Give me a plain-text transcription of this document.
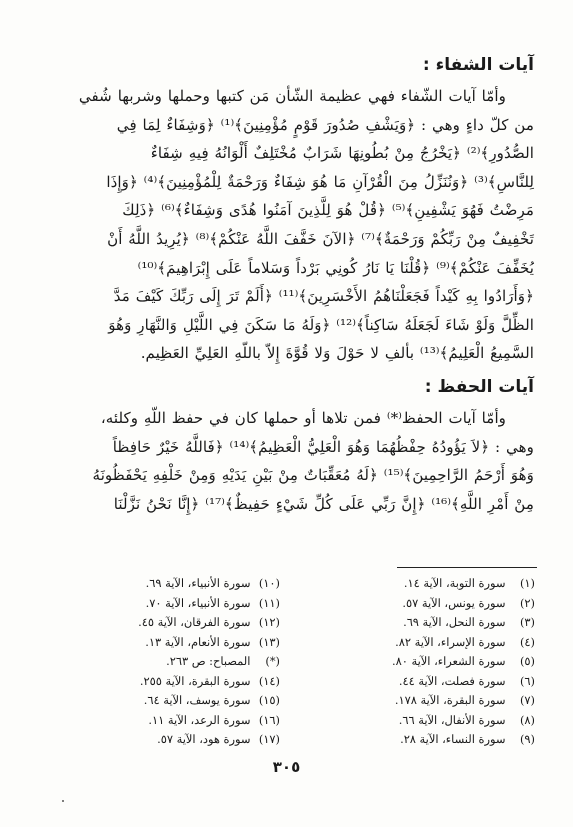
آيات الشفاء :
وأمّا آيات الشّفاء فهي عظيمة الشّأن مَن كتبها وحملها وشربها شُفي
من كلّ داءٍ وهي : ﴿وَيَشْفِ صُدُورَ قَوْمٍ مُؤْمِنِينَ﴾⁽¹⁾ ﴿وَشِفَاءٌ لِمَا فِي
الصُّدُورِ﴾⁽²⁾ ﴿يَخْرُجُ مِنْ بُطُونِهَا شَرَابٌ مُخْتَلِفٌ أَلْوَانُهُ فِيهِ شِفَاءٌ
لِلنَّاسِ﴾⁽³⁾ ﴿وَنُنَزِّلُ مِنَ الْقُرْآنِ مَا هُوَ شِفَاءٌ وَرَحْمَةٌ لِلْمُؤْمِنِينَ﴾⁽⁴⁾ ﴿وَإِذَا
مَرِضْتُ فَهُوَ يَشْفِينِ﴾⁽⁵⁾ ﴿قُلْ هُوَ لِلَّذِينَ آمَنُوا هُدًى وَشِفَاءٌ﴾⁽⁶⁾ ﴿ذَلِكَ
تَخْفِيفٌ مِنْ رَبِّكُمْ وَرَحْمَةٌ﴾⁽⁷⁾ ﴿الآنَ خَفَّفَ اللَّهُ عَنْكُمْ﴾⁽⁸⁾ ﴿يُرِيدُ اللَّهُ أَنْ
يُخَفِّفَ عَنْكُمْ﴾⁽⁹⁾ ﴿قُلْنَا يَا نَارُ كُونِي بَرْداً وَسَلاماً عَلَى إِبْرَاهِيمَ﴾⁽¹⁰⁾
﴿وَأَرَادُوا بِهِ كَيْداً فَجَعَلْنَاهُمُ الأَخْسَرِينَ﴾⁽¹¹⁾ ﴿أَلَمْ تَرَ إِلَى رَبِّكَ كَيْفَ مَدَّ
الظِّلَّ وَلَوْ شَاءَ لَجَعَلَهُ سَاكِناً﴾⁽¹²⁾ ﴿وَلَهُ مَا سَكَنَ فِي اللَّيْلِ وَالنَّهَارِ وَهُوَ
السَّمِيعُ الْعَلِيمُ﴾⁽¹³⁾ بألفِ لا حَوْلَ وَلا قُوَّةَ إِلاّ باللّهِ العَلِيِّ العَظِيم.
آيات الحفظ :
وأمّا آيات الحفظ⁽*⁾ فمن تلاها أو حملها كان في حفظ اللّهِ وكلئه،
وهي : ﴿لاَ يَؤُودُهُ حِفْظُهُمَا وَهُوَ الْعَلِيُّ الْعَظِيمُ﴾⁽¹⁴⁾ ﴿فَاللَّهُ خَيْرٌ حَافِظاً
وَهُوَ أَرْحَمُ الرَّاحِمِينَ﴾⁽¹⁵⁾ ﴿لَهُ مُعَقِّبَاتٌ مِنْ بَيْنِ يَدَيْهِ وَمِنْ خَلْفِهِ يَحْفَظُونَهُ
مِنْ أَمْرِ اللَّهِ﴾⁽¹⁶⁾ ﴿إِنَّ رَبِّي عَلَى كُلِّ شَيْءٍ حَفِيظٌ﴾⁽¹⁷⁾ ﴿إِنَّا نَحْنُ نَزَّلْنَا
(١) سورة التوبة، الآية ١٤.
(٢) سورة يونس، الآية ٥٧.
(٣) سورة النحل، الآية ٦٩.
(٤) سورة الإسراء، الآية ٨٢.
(٥) سورة الشعراء، الآية ٨٠.
(٦) سورة فصلت، الآية ٤٤.
(٧) سورة البقرة، الآية ١٧٨.
(٨) سورة الأنفال، الآية ٦٦.
(٩) سورة النساء، الآية ٢٨.
(١٠) سورة الأنبياء، الآية ٦٩.
(١١) سورة الأنبياء، الآية ٧٠.
(١٢) سورة الفرقان، الآية ٤٥.
(١٣) سورة الأنعام، الآية ١٣.
(*) المصباح: ص ٢٦٣.
(١٤) سورة البقرة، الآية ٢٥٥.
(١٥) سورة يوسف، الآية ٦٤.
(١٦) سورة الرعد، الآية ١١.
(١٧) سورة هود، الآية ٥٧.
٣٠٥
